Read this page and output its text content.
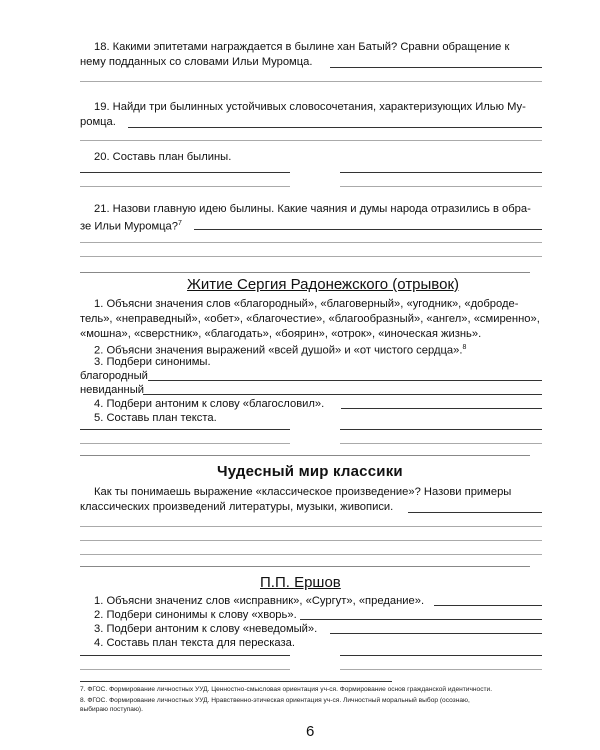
18. Какими эпитетами награждается в былине хан Батый? Сравни обращение к
нему подданных со словами Ильи Муромца.
19. Найди три былинных устойчивых словосочетания, характеризующих Илью Му-
ромца.
20. Составь план былины.
21. Назови главную идею былины. Какие чаяния и думы народа отразились в обра-
зе Ильи Муромца?$^7$
Житие Сергия Радонежского (отрывок)
1. Объясни значения слов «благородный», «благоверный», «угодник», «добродe-
тель», «неправедный», «обет», «благочестие», «благообразный», «ангел», «смиренно»,
«мошна», «сверстник», «благодать», «боярин», «отрок», «иноческая жизнь».
2. Объясни значения выражений «всей душой» и «от чистого сердца».$^8$
3. Подбери синонимы.
благородный
невиданный
4. Подбери антоним к слову «благословил».
5. Составь план текста.
Чудесный мир классики
Как ты понимаешь выражение «классическое произведение»? Назови примеры
классических произведений литературы, музыки, живописи.
П.П. Ершов
1. Объясни значениz слов «исправник», «Сургут», «предание».
2. Подбери синонимы к слову «хворь».
3. Подбери антоним к слову «неведомый».
4. Составь план текста для пересказа.
7. ФГОС. Формирование личностных УУД. Ценностно-смысловая ориентация уч-ся. Формирование основ гражданской идентичности.
8. ФГОС. Формирование личностных УУД. Нравственно-этическая ориентация уч-ся. Личностный моральный выбор (осознаю,
выбираю поступаю).
6
